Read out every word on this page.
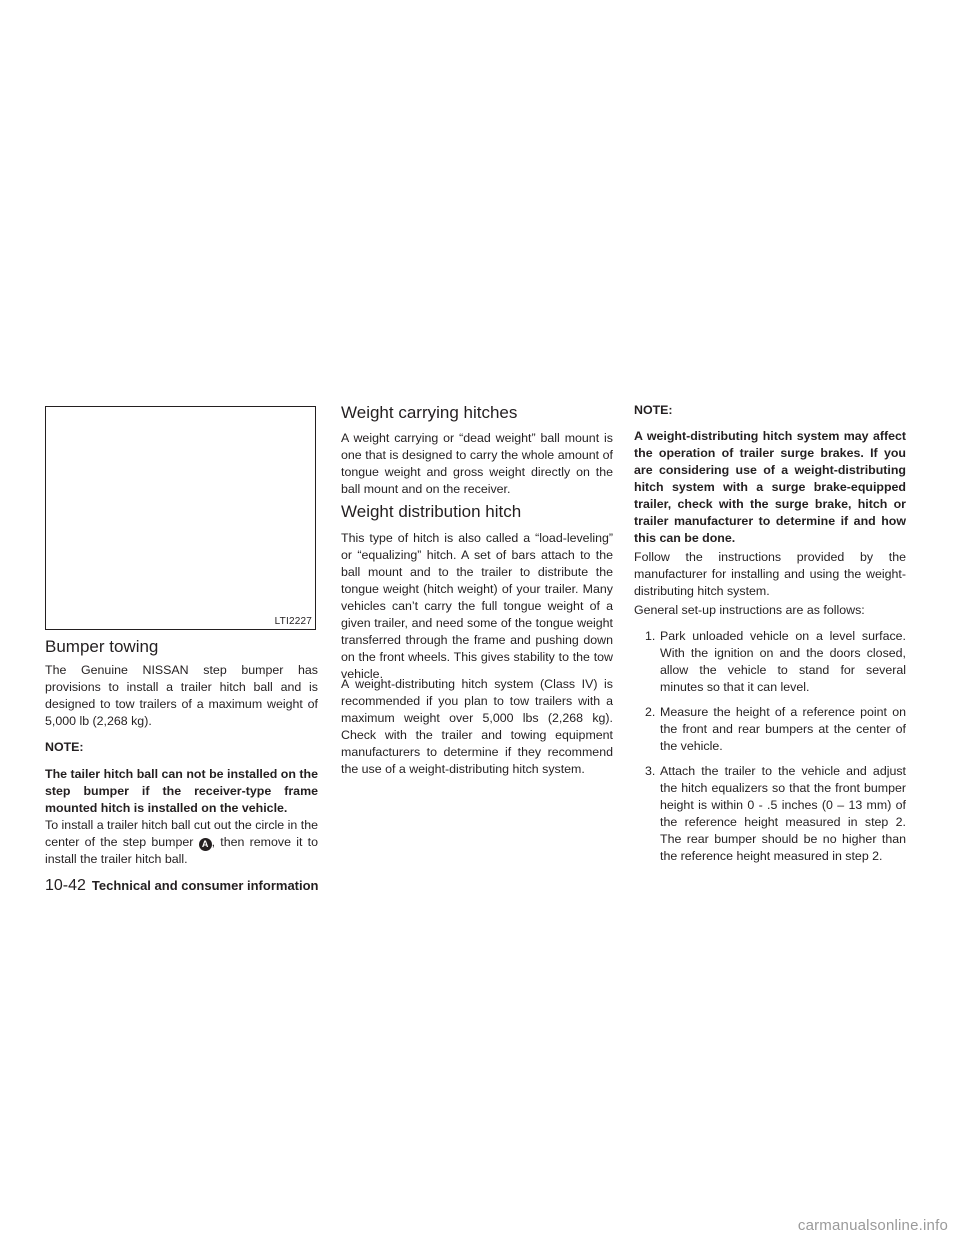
LTI2227
Bumper towing

The Genuine NISSAN step bumper has provisions to install a trailer hitch ball and is designed to tow trailers of a maximum weight of 5,000 lb (2,268 kg).

NOTE:

The tailer hitch ball can not be installed on the step bumper if the receiver-type frame mounted hitch is installed on the vehicle.

To install a trailer hitch ball cut out the circle in the center of the step bumper A , then remove it to install the trailer hitch ball.

Weight carrying hitches

A weight carrying or “dead weight” ball mount is one that is designed to carry the whole amount of tongue weight and gross weight directly on the ball mount and on the receiver.

Weight distribution hitch

This type of hitch is also called a “load-leveling” or “equalizing” hitch. A set of bars attach to the ball mount and to the trailer to distribute the tongue weight (hitch weight) of your trailer. Many vehicles can’t carry the full tongue weight of a given trailer, and need some of the tongue weight transferred through the frame and pushing down on the front wheels. This gives stability to the tow vehicle.

A weight-distributing hitch system (Class IV) is recommended if you plan to tow trailers with a maximum weight over 5,000 lbs (2,268 kg). Check with the trailer and towing equipment manufacturers to determine if they recommend the use of a weight-distributing hitch system.

NOTE:

A weight-distributing hitch system may affect the operation of trailer surge brakes. If you are considering use of a weight-distributing hitch system with a surge brake-equipped trailer, check with the surge brake, hitch or trailer manufacturer to determine if and how this can be done.

Follow the instructions provided by the manufacturer for installing and using the weight-distributing hitch system.

General set-up instructions are as follows:

1. Park unloaded vehicle on a level surface. With the ignition on and the doors closed, allow the vehicle to stand for several minutes so that it can level.
2. Measure the height of a reference point on the front and rear bumpers at the center of the vehicle.
3. Attach the trailer to the vehicle and adjust the hitch equalizers so that the front bumper height is within 0 - .5 inches (0 – 13 mm) of the reference height measured in step 2. The rear bumper should be no higher than the reference height measured in step 2.
10-42 Technical and consumer information
carmanualsonline.info
